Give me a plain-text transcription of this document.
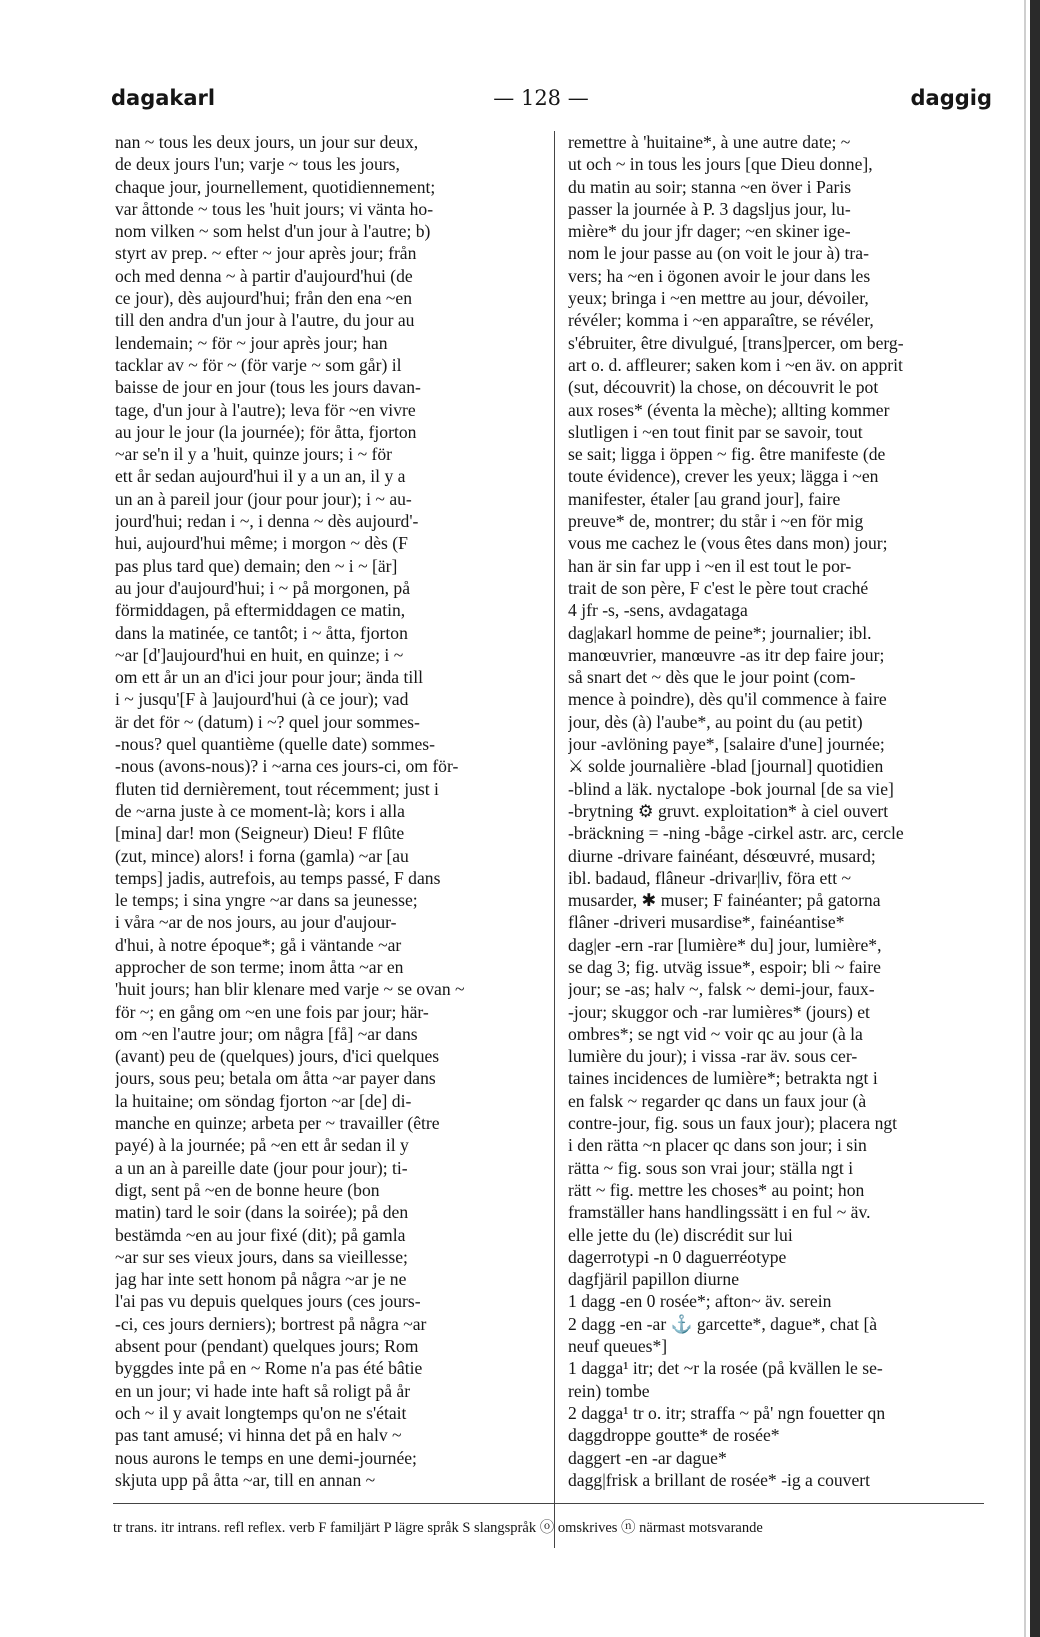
dagakarl	— 128 —	daggig
nan ~ tous les deux jours, un jour sur deux,
de deux jours l'un; varje ~ tous les jours,
chaque jour, journellement, quotidiennement;
var åttonde ~ tous les 'huit jours; vi vänta ho-
nom vilken ~ som helst d'un jour à l'autre; b)
styrt av prep. ~ efter ~ jour après jour; från
och med denna ~ à partir d'aujourd'hui (de
ce jour), dès aujourd'hui; från den ena ~en
till den andra d'un jour à l'autre, du jour au
lendemain; ~ för ~ jour après jour; han
tacklar av ~ för ~ (för varje ~ som går) il
baisse de jour en jour (tous les jours davan-
tage, d'un jour à l'autre); leva för ~en vivre
au jour le jour (la journée); för åtta, fjorton
~ar se'n il y a 'huit, quinze jours; i ~ för
ett år sedan aujourd'hui il y a un an, il y a
un an à pareil jour (jour pour jour); i ~ au-
jourd'hui; redan i ~, i denna ~ dès aujourd'-
hui, aujourd'hui même; i morgon ~ dès (F
pas plus tard que) demain; den ~ i ~ [är]
au jour d'aujourd'hui; i ~ på morgonen, på
förmiddagen, på eftermiddagen ce matin,
dans la matinée, ce tantôt; i ~ åtta, fjorton
~ar [d']aujourd'hui en huit, en quinze; i ~
om ett år un an d'ici jour pour jour; ända till
i ~ jusqu'[F à ]aujourd'hui (à ce jour); vad
är det för ~ (datum) i ~? quel jour sommes-
-nous? quel quantième (quelle date) sommes-
-nous (avons-nous)? i ~arna ces jours-ci, om för-
fluten tid dernièrement, tout récemment; just i
de ~arna juste à ce moment-là; kors i alla
[mina] dar! mon (Seigneur) Dieu! F flûte
(zut, mince) alors! i forna (gamla) ~ar [au
temps] jadis, autrefois, au temps passé, F dans
le temps; i sina yngre ~ar dans sa jeunesse;
i våra ~ar de nos jours, au jour d'aujour-
d'hui, à notre époque*; gå i väntande ~ar
approcher de son terme; inom åtta ~ar en
'huit jours; han blir klenare med varje ~ se ovan ~
för ~; en gång om ~en une fois par jour; här-
om ~en l'autre jour; om några [få] ~ar dans
(avant) peu de (quelques) jours, d'ici quelques
jours, sous peu; betala om åtta ~ar payer dans
la huitaine; om söndag fjorton ~ar [de] di-
manche en quinze; arbeta per ~ travailler (être
payé) à la journée; på ~en ett år sedan il y
a un an à pareille date (jour pour jour); ti-
digt, sent på ~en de bonne heure (bon
matin) tard le soir (dans la soirée); på den
bestämda ~en au jour fixé (dit); på gamla
~ar sur ses vieux jours, dans sa vieillesse;
jag har inte sett honom på några ~ar je ne
l'ai pas vu depuis quelques jours (ces jours-
-ci, ces jours derniers); bortrest på några ~ar
absent pour (pendant) quelques jours; Rom
byggdes inte på en ~ Rome n'a pas été bâtie
en un jour; vi hade inte haft så roligt på år
och ~ il y avait longtemps qu'on ne s'était
pas tant amusé; vi hinna det på en halv ~
nous aurons le temps en une demi-journée;
skjuta upp på åtta ~ar, till en annan ~
remettre à 'huitaine*, à une autre date; ~
ut och ~ in tous les jours [que Dieu donne],
du matin au soir; stanna ~en över i Paris
passer la journée à P. 3 dagsljus jour, lu-
mière* du jour jfr dager; ~en skiner ige-
nom le jour passe au (on voit le jour à) tra-
vers; ha ~en i ögonen avoir le jour dans les
yeux; bringa i ~en mettre au jour, dévoiler,
révéler; komma i ~en apparaître, se révéler,
s'ébruiter, être divulgué, [trans]percer, om berg-
art o. d. affleurer; saken kom i ~en äv. on apprit
(sut, découvrit) la chose, on découvrit le pot
aux roses* (éventa la mèche); allting kommer
slutligen i ~en tout finit par se savoir, tout
se sait; ligga i öppen ~ fig. être manifeste (de
toute évidence), crever les yeux; lägga i ~en
manifester, étaler [au grand jour], faire
preuve* de, montrer; du står i ~en för mig
vous me cachez le (vous êtes dans mon) jour;
han är sin far upp i ~en il est tout le por-
trait de son père, F c'est le père tout craché
4 jfr -s, -sens, avdagataga
dag|akarl homme de peine*; journalier; ibl.
manœuvrier, manœuvre -as itr dep faire jour;
så snart det ~ dès que le jour point (com-
mence à poindre), dès qu'il commence à faire
jour, dès (à) l'aube*, au point du (au petit)
jour -avlöning paye*, [salaire d'une] journée;
⚔ solde journalière -blad [journal] quotidien
-blind a läk. nyctalope -bok journal [de sa vie]
-brytning ⚙ gruvt. exploitation* à ciel ouvert
-bräckning = -ning -båge -cirkel astr. arc, cercle
diurne -drivare fainéant, désœuvré, musard;
ibl. badaud, flâneur -drivar|liv, föra ett ~
musarder, ✱ muser; F fainéanter; på gatorna
flâner -driveri musardise*, fainéantise*
dag|er -ern -rar [lumière* du] jour, lumière*,
se dag 3; fig. utväg issue*, espoir; bli ~ faire
jour; se -as; halv ~, falsk ~ demi-jour, faux-
-jour; skuggor och -rar lumières* (jours) et
ombres*; se ngt vid ~ voir qc au jour (à la
lumière du jour); i vissa -rar äv. sous cer-
taines incidences de lumière*; betrakta ngt i
en falsk ~ regarder qc dans un faux jour (à
contre-jour, fig. sous un faux jour); placera ngt
i den rätta ~n placer qc dans son jour; i sin
rätta ~ fig. sous son vrai jour; ställa ngt i
rätt ~ fig. mettre les choses* au point; hon
framställer hans handlingssätt i en ful ~ äv.
elle jette du (le) discrédit sur lui
dagerrotypi -n 0 daguerréotype
dagfjäril papillon diurne
1 dagg -en 0 rosée*; afton~ äv. serein
2 dagg -en -ar ⚓ garcette*, dague*, chat [à
neuf queues*]
1 dagga¹ itr; det ~r la rosée (på kvällen le se-
rein) tombe
2 dagga¹ tr o. itr; straffa ~ på' ngn fouetter qn
daggdroppe goutte* de rosée*
daggert -en -ar dague*
dagg|frisk a brillant de rosée* -ig a couvert
tr trans. itr intrans. refl reflex. verb F familjärt P lägre språk S slangspråk ⓞ omskrives ⓝ närmast motsvarande
